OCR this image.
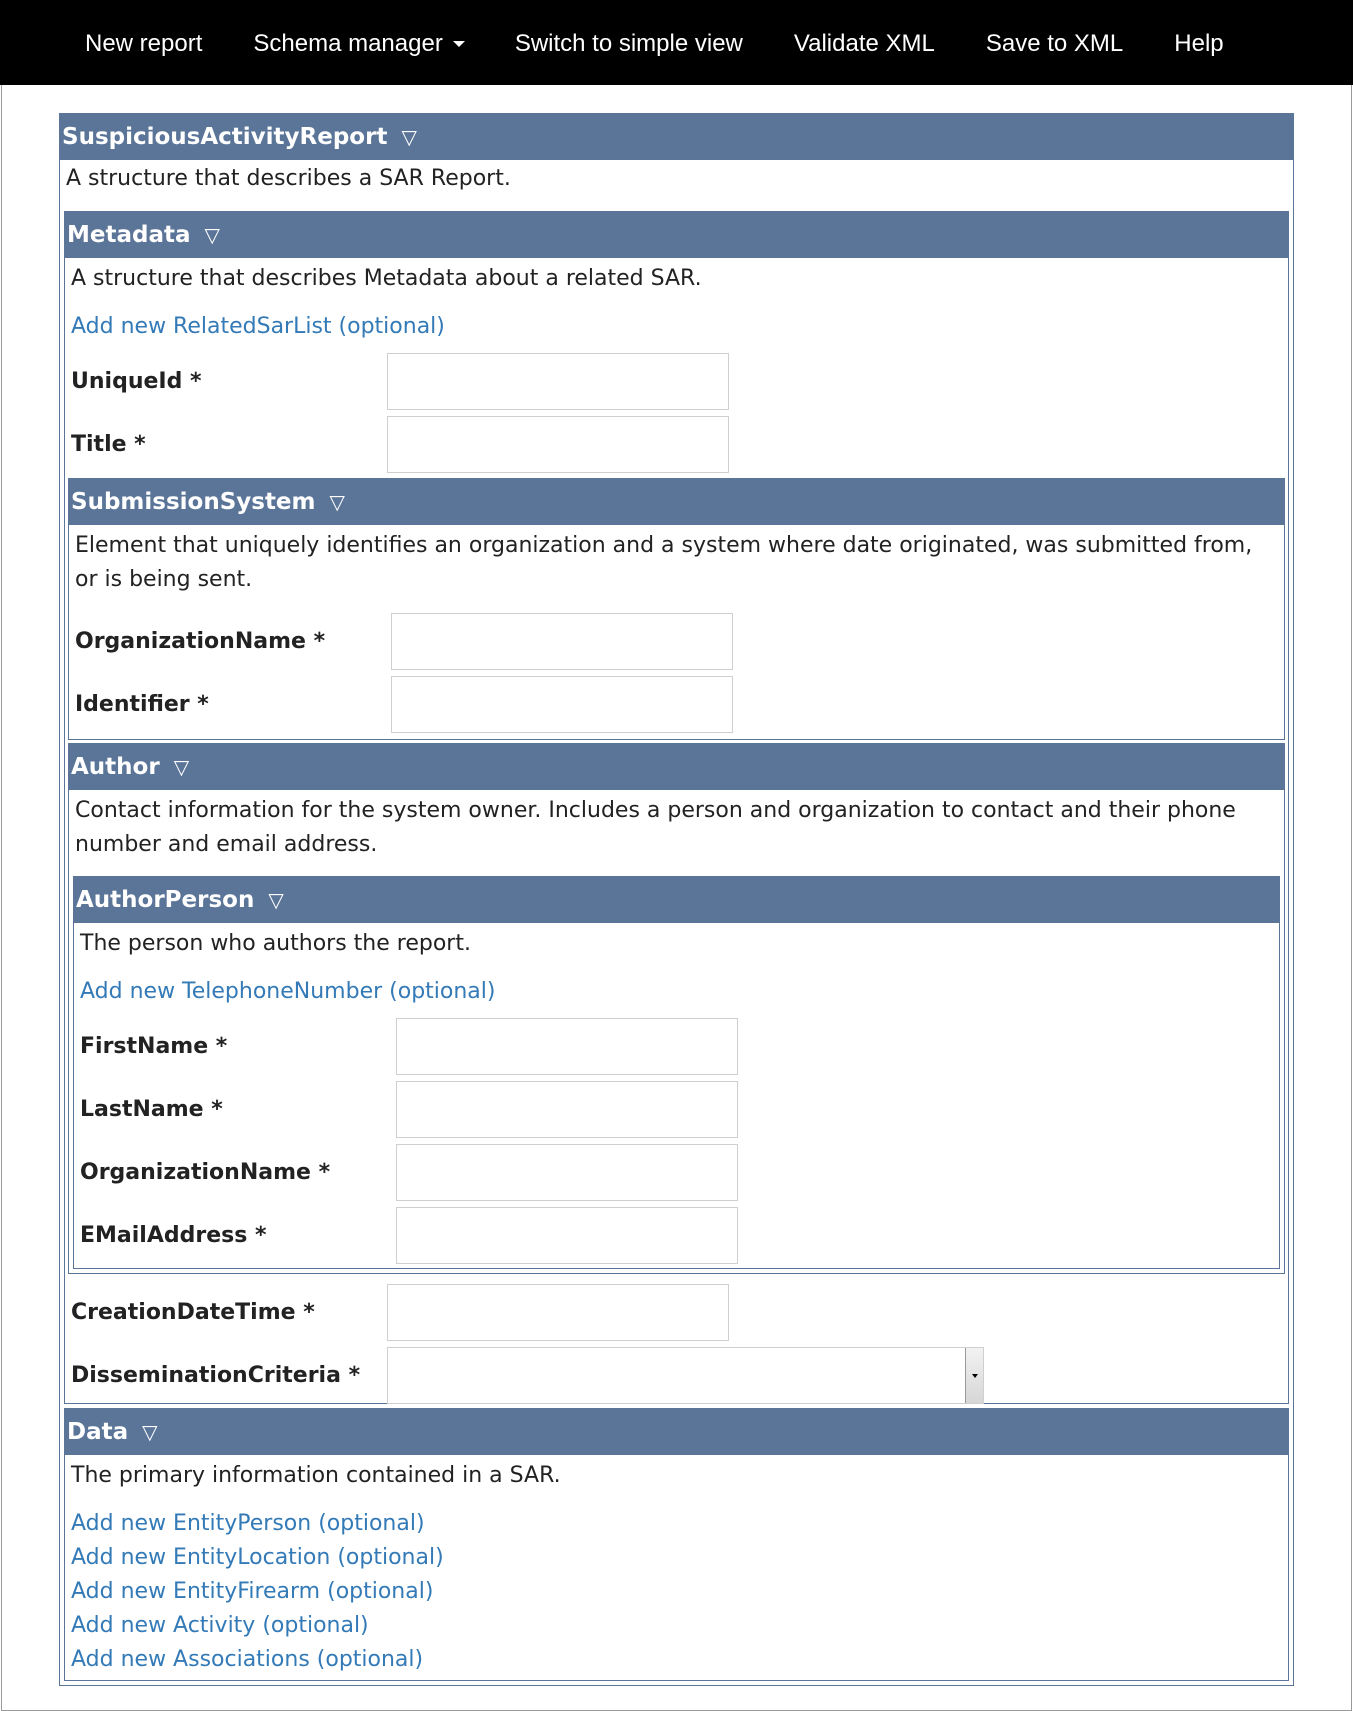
New report Schema manager	Switch to simple view Validate XML Save to XML Help
SuspiciousActivityReport ▽
A structure that describes a SAR Report.
Metadata ▽
A structure that describes Metadata about a related SAR.
Add new RelatedSarList (optional)
UniqueId *
Title *
SubmissionSystem ▽
Element that uniquely identifies an organization and a system where date originated, was submitted from, or is being sent.
OrganizationName *
Identifier *
Author ▽
Contact information for the system owner. Includes a person and organization to contact and their phone number and email address.
AuthorPerson ▽
The person who authors the report.
Add new TelephoneNumber (optional)
FirstName *
LastName *
OrganizationName *
EMailAddress *
CreationDateTime *
DisseminationCriteria *
Data ▽
The primary information contained in a SAR.
Add new EntityPerson (optional)
Add new EntityLocation (optional)
Add new EntityFirearm (optional)
Add new Activity (optional)
Add new Associations (optional)
